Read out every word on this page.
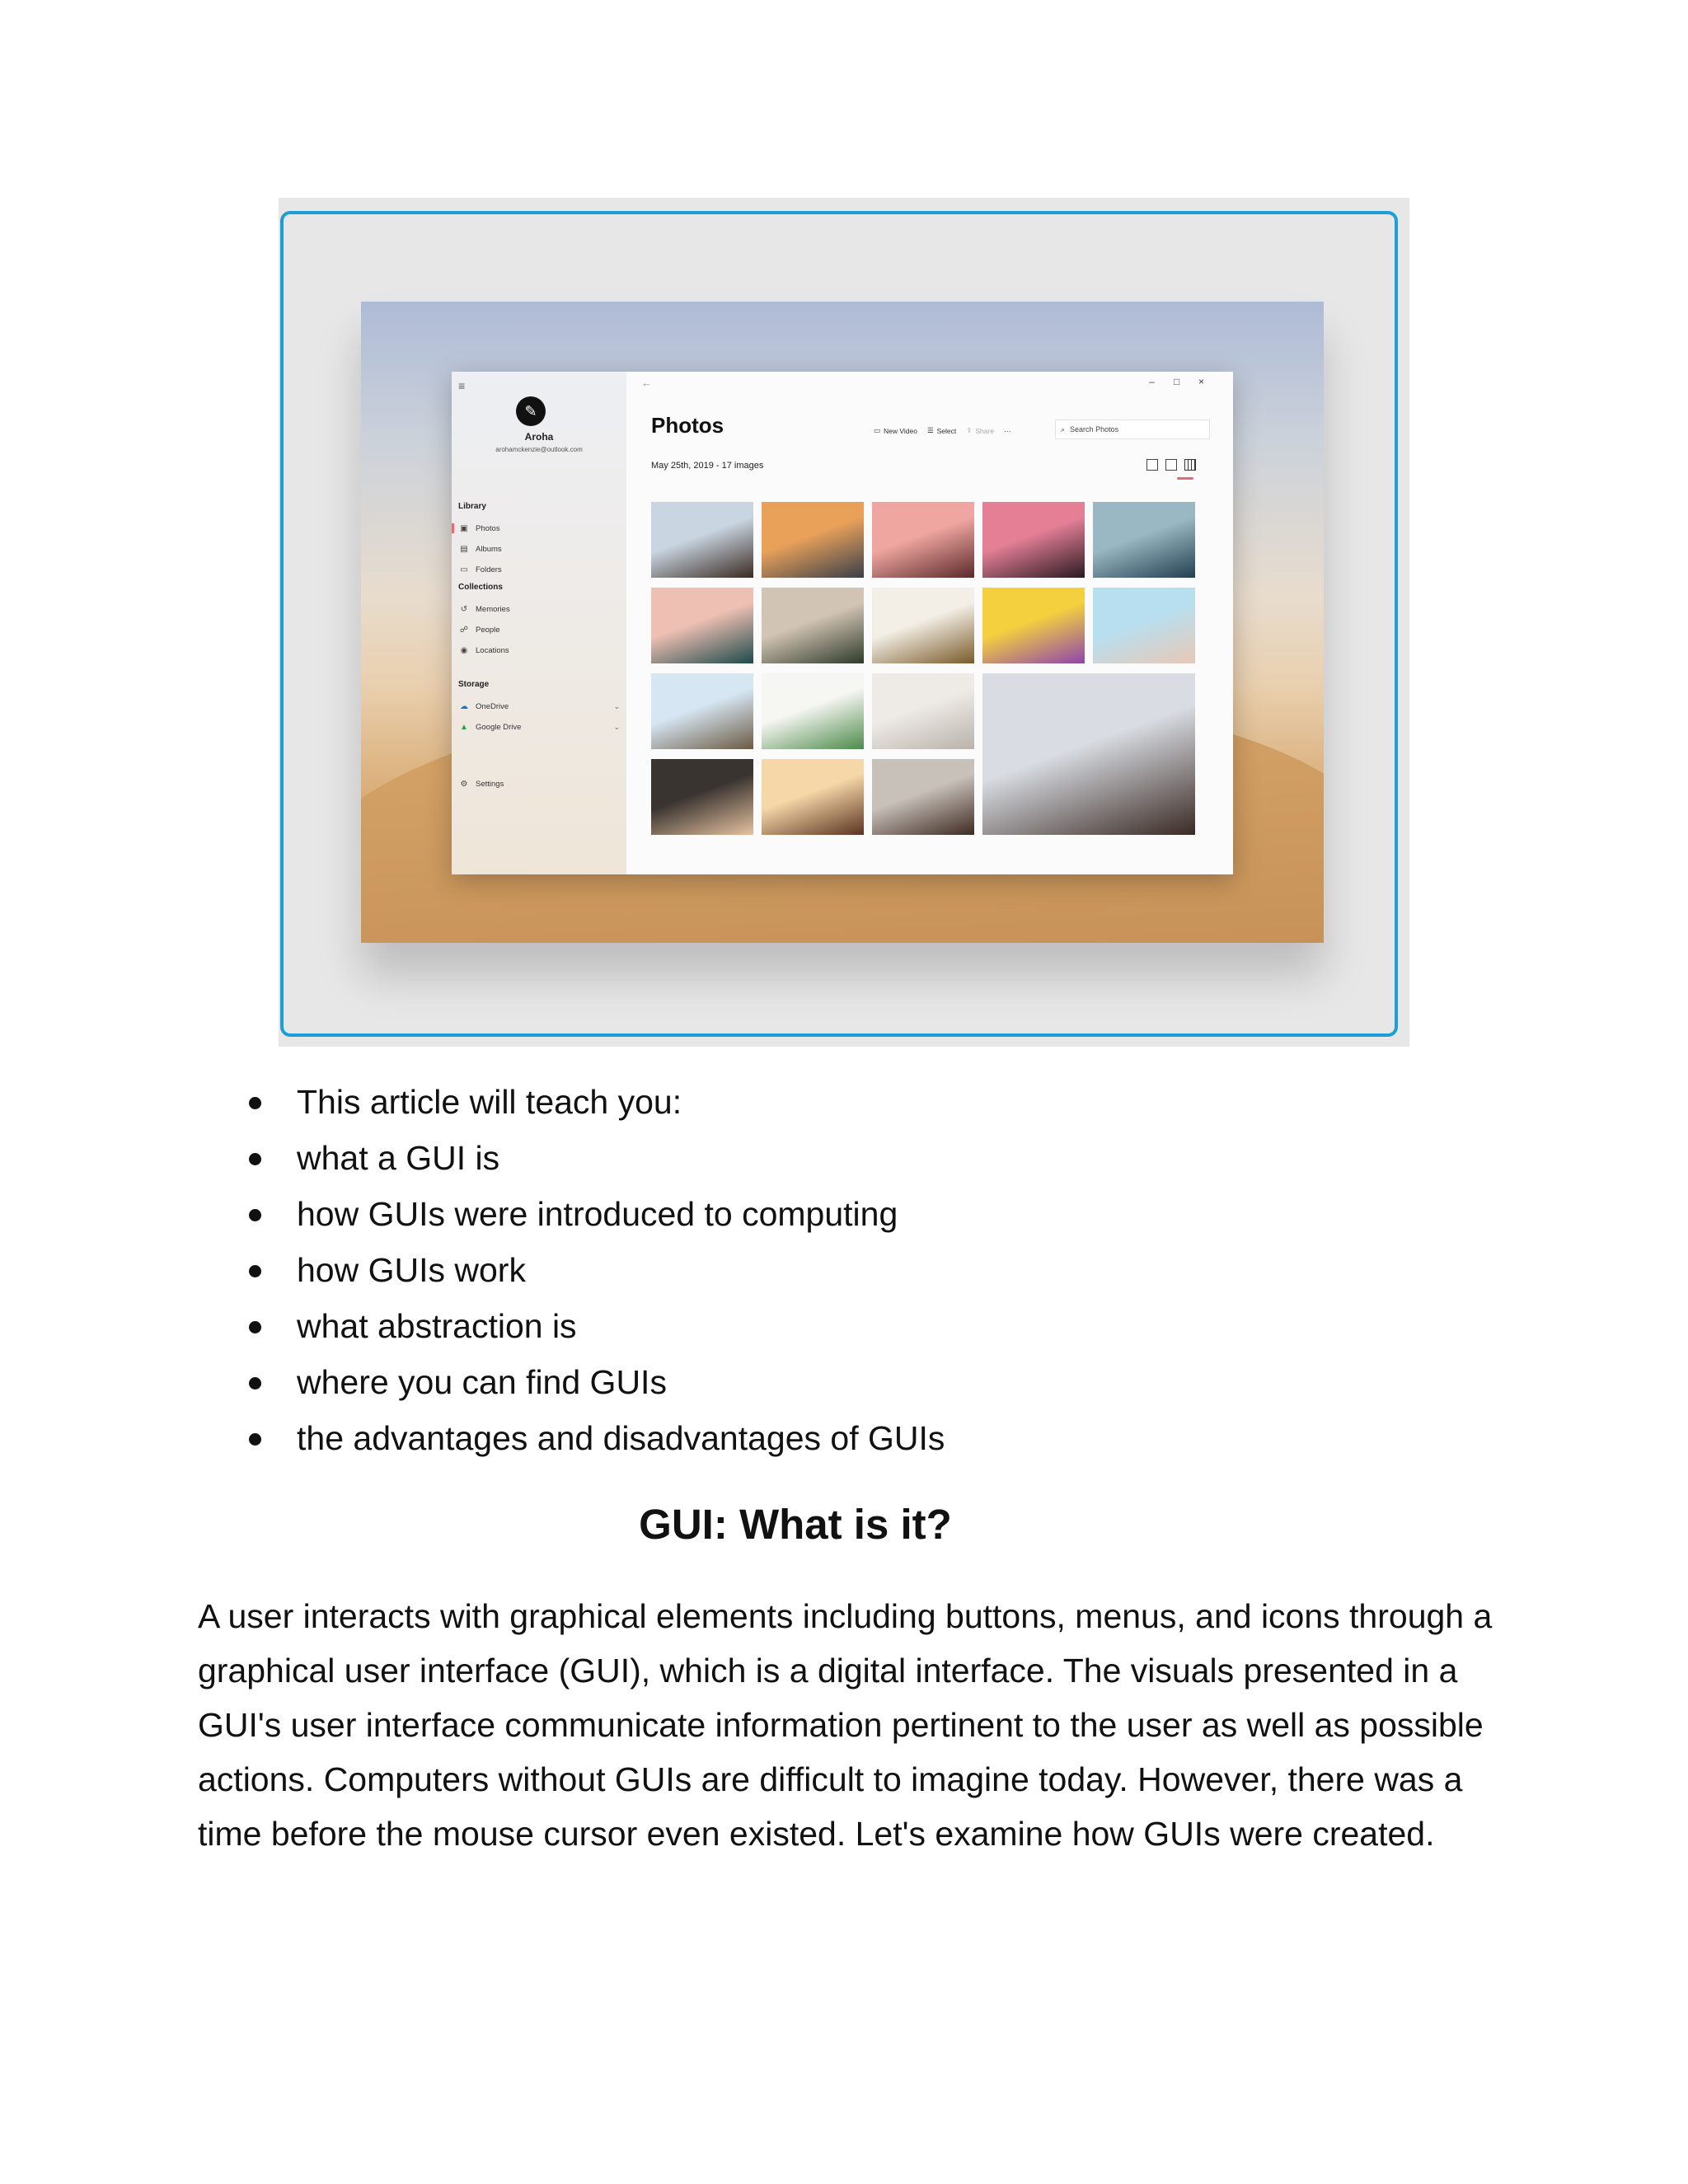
≡
✎
Aroha
arohamckenzie@outlook.com
Library
▣ Photos
▤ Albums
▭ Folders
Collections
↺ Memories
☍ People
◉ Locations
Storage
☁ OneDrive	⌄
▲ Google Drive	⌄
⚙ Settings
←	– □ ×
Photos	▭ New Video ☰ Select ⇪ Share ···	⌕ Search Photos
May 25th, 2019 - 17 images
This article will teach you:
what a GUI is
how GUIs were introduced to computing
how GUIs work
what abstraction is
where you can find GUIs
the advantages and disadvantages of GUIs
GUI: What is it?

A user interacts with graphical elements including buttons, menus, and icons through a graphical user interface (GUI), which is a digital interface. The visuals presented in a GUI's user interface communicate information pertinent to the user as well as possible actions. Computers without GUIs are difficult to imagine today. However, there was a time before the mouse cursor even existed. Let's examine how GUIs were created.
